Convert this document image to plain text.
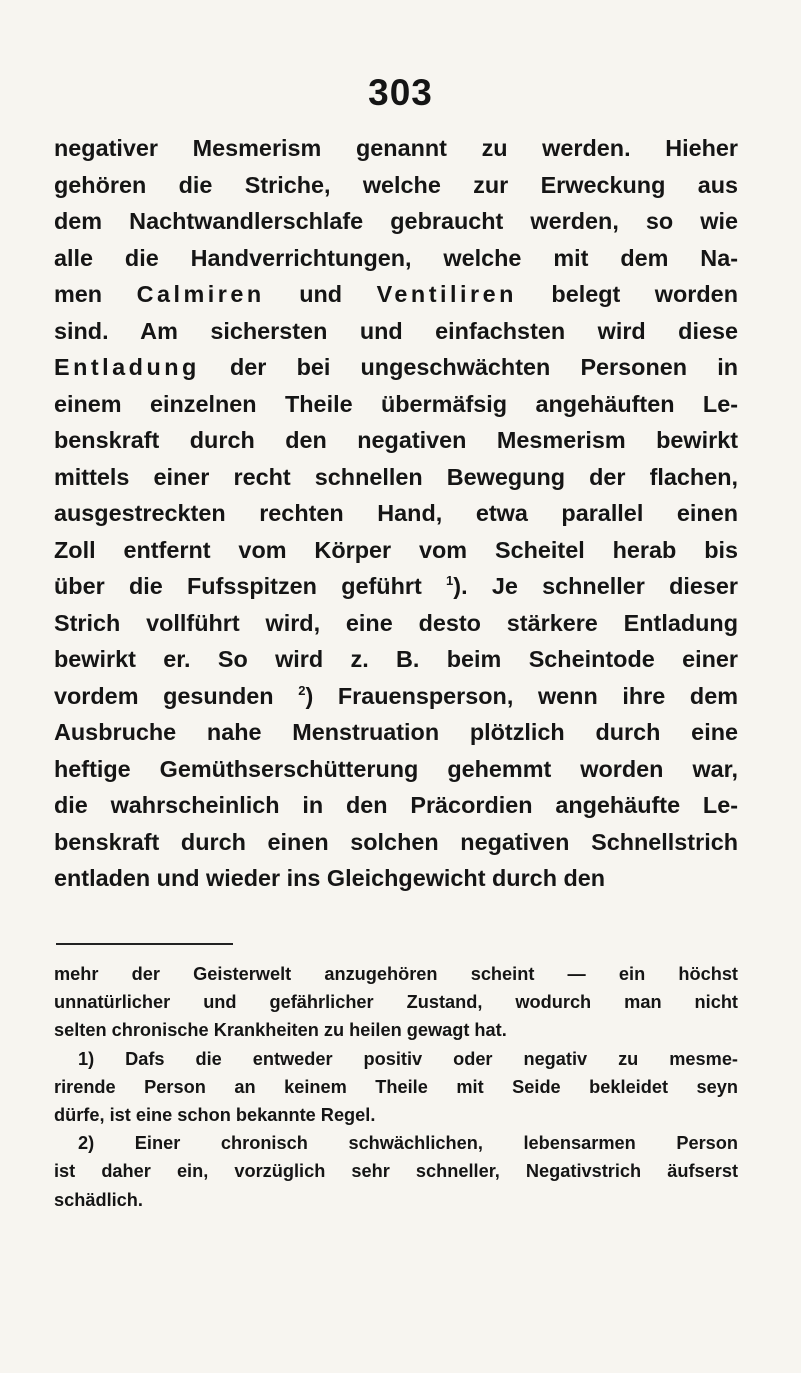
303
negativer Mesmerism genannt zu werden. Hieher
gehören die Striche, welche zur Erweckung aus
dem Nachtwandlerschlafe gebraucht werden, so wie
alle die Handverrichtungen, welche mit dem Na-
men Calmiren und Ventiliren belegt worden
sind. Am sichersten und einfachsten wird diese
Entladung der bei ungeschwächten Personen in
einem einzelnen Theile übermäfsig angehäuften Le-
benskraft durch den negativen Mesmerism bewirkt
mittels einer recht schnellen Bewegung der flachen,
ausgestreckten rechten Hand, etwa parallel einen
Zoll entfernt vom Körper vom Scheitel herab bis
über die Fufsspitzen geführt $^1$). Je schneller dieser
Strich vollführt wird, eine desto stärkere Entladung
bewirkt er. So wird z. B. beim Scheintode einer
vordem gesunden $^2$) Frauensperson, wenn ihre dem
Ausbruche nahe Menstruation plötzlich durch eine
heftige Gemüthserschütterung gehemmt worden war,
die wahrscheinlich in den Präcordien angehäufte Le-
benskraft durch einen solchen negativen Schnellstrich
entladen und wieder ins Gleichgewicht durch den
mehr der Geisterwelt anzugehören scheint — ein höchst
unnatürlicher und gefährlicher Zustand, wodurch man nicht
selten chronische Krankheiten zu heilen gewagt hat.
1) Dafs die entweder positiv oder negativ zu mesme-
rirende Person an keinem Theile mit Seide bekleidet seyn
dürfe, ist eine schon bekannte Regel.
2) Einer chronisch schwächlichen, lebensarmen Person
ist daher ein, vorzüglich sehr schneller, Negativstrich äufserst
schädlich.
